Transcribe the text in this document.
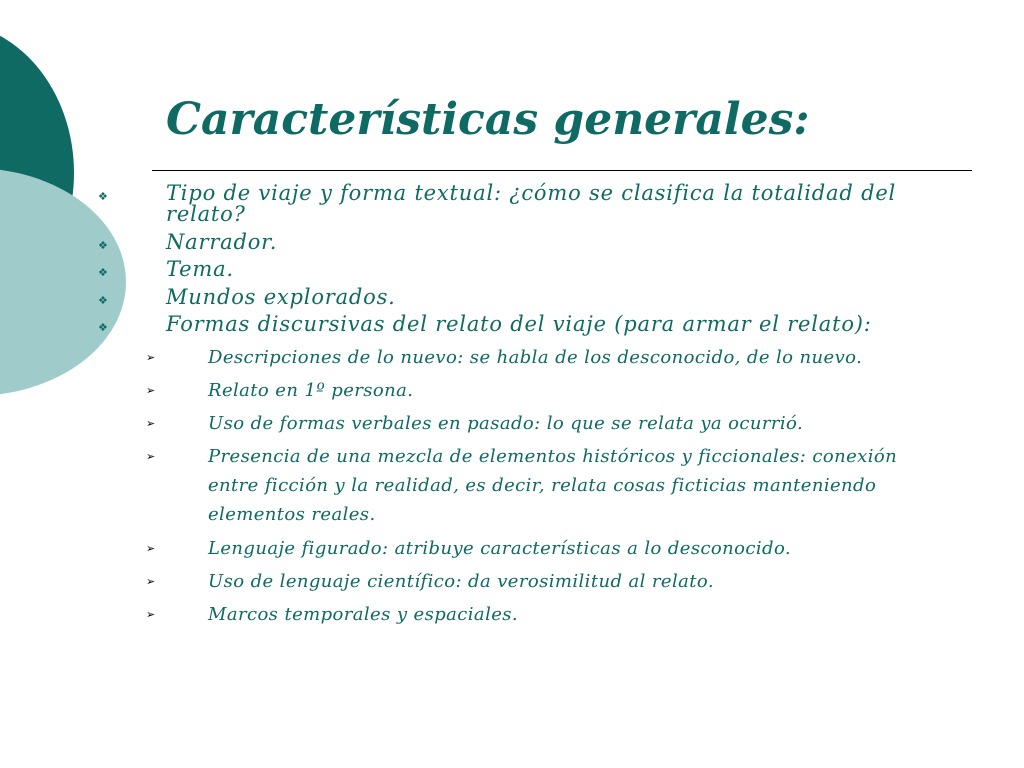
Características generales:
❖	Tipo de viaje y forma textual: ¿cómo se clasifica la totalidad del relato?
❖	Narrador.
❖	Tema.
❖	Mundos explorados.
❖	Formas discursivas del relato del viaje (para armar el relato):
➢	Descripciones de lo nuevo: se habla de los desconocido, de lo nuevo.
➢	Relato en 1º persona.
➢	Uso de formas verbales en pasado: lo que se relata ya ocurrió.
➢	Presencia de una mezcla de elementos históricos y ficcionales: conexión entre ficción y la realidad, es decir, relata cosas ficticias manteniendo elementos reales.
➢	Lenguaje figurado: atribuye características a lo desconocido.
➢	Uso de lenguaje científico: da verosimilitud al relato.
➢	Marcos temporales y espaciales.
